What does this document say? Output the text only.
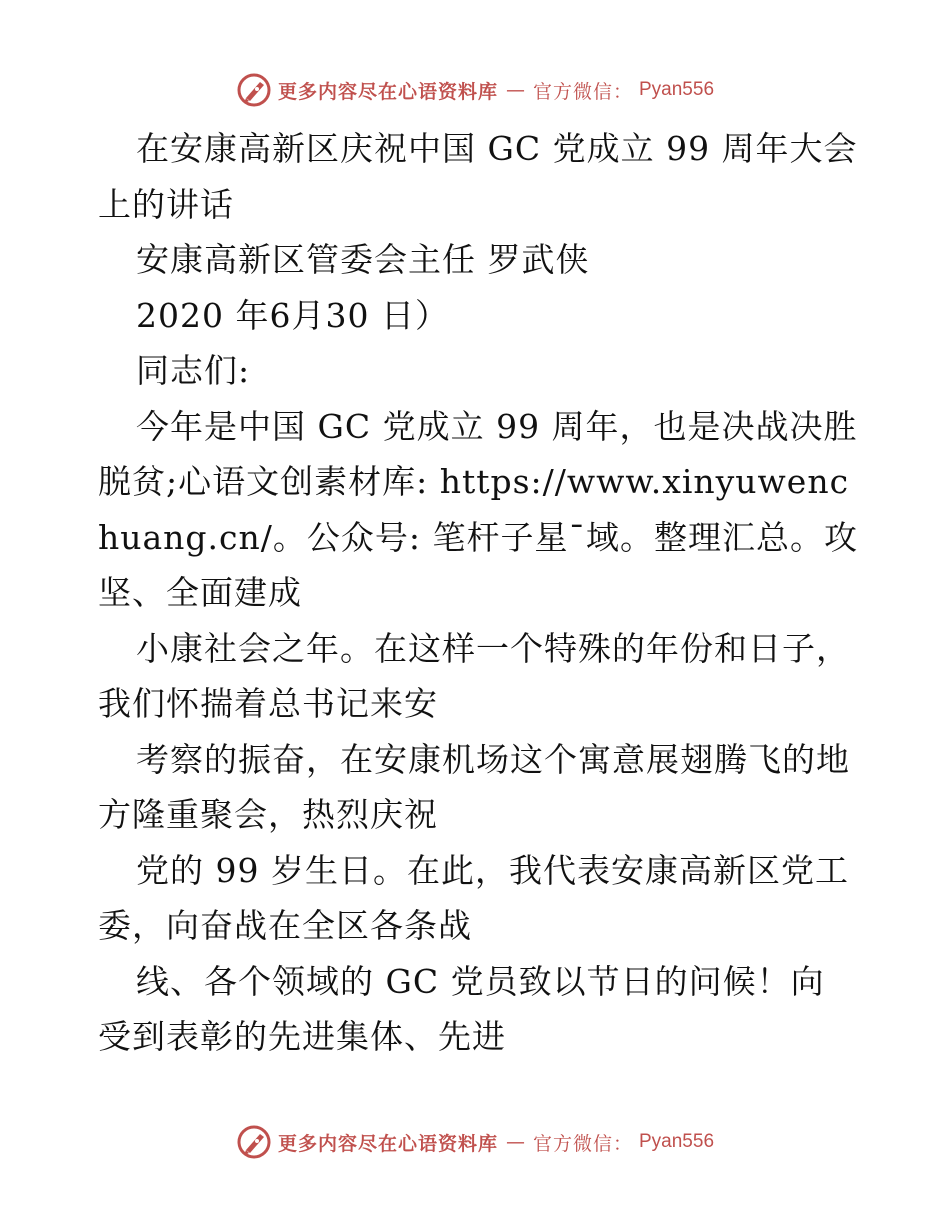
更多内容尽在心语资料库 — 官方微信： Pyan556

在安康高新区庆祝中国 GC 党成立 99 周年大会上的讲话

安康高新区管委会主任 罗武侠

2020 年6月30 日）

同志们:

今年是中国 GC 党成立 99 周年，也是决战决胜脱贫;心语文创素材库: https://www.xinyuwenchuang.cn/。公众号: 笔杆子星¯域。整理汇总。攻坚、全面建成

小康社会之年。在这样一个特殊的年份和日子，我们怀揣着总书记来安

考察的振奋，在安康机场这个寓意展翅腾飞的地方隆重聚会，热烈庆祝

党的 99 岁生日。在此，我代表安康高新区党工委，向奋战在全区各条战

线、各个领域的 GC 党员致以节日的问候！向受到表彰的先进集体、先进

更多内容尽在心语资料库 — 官方微信： Pyan556
